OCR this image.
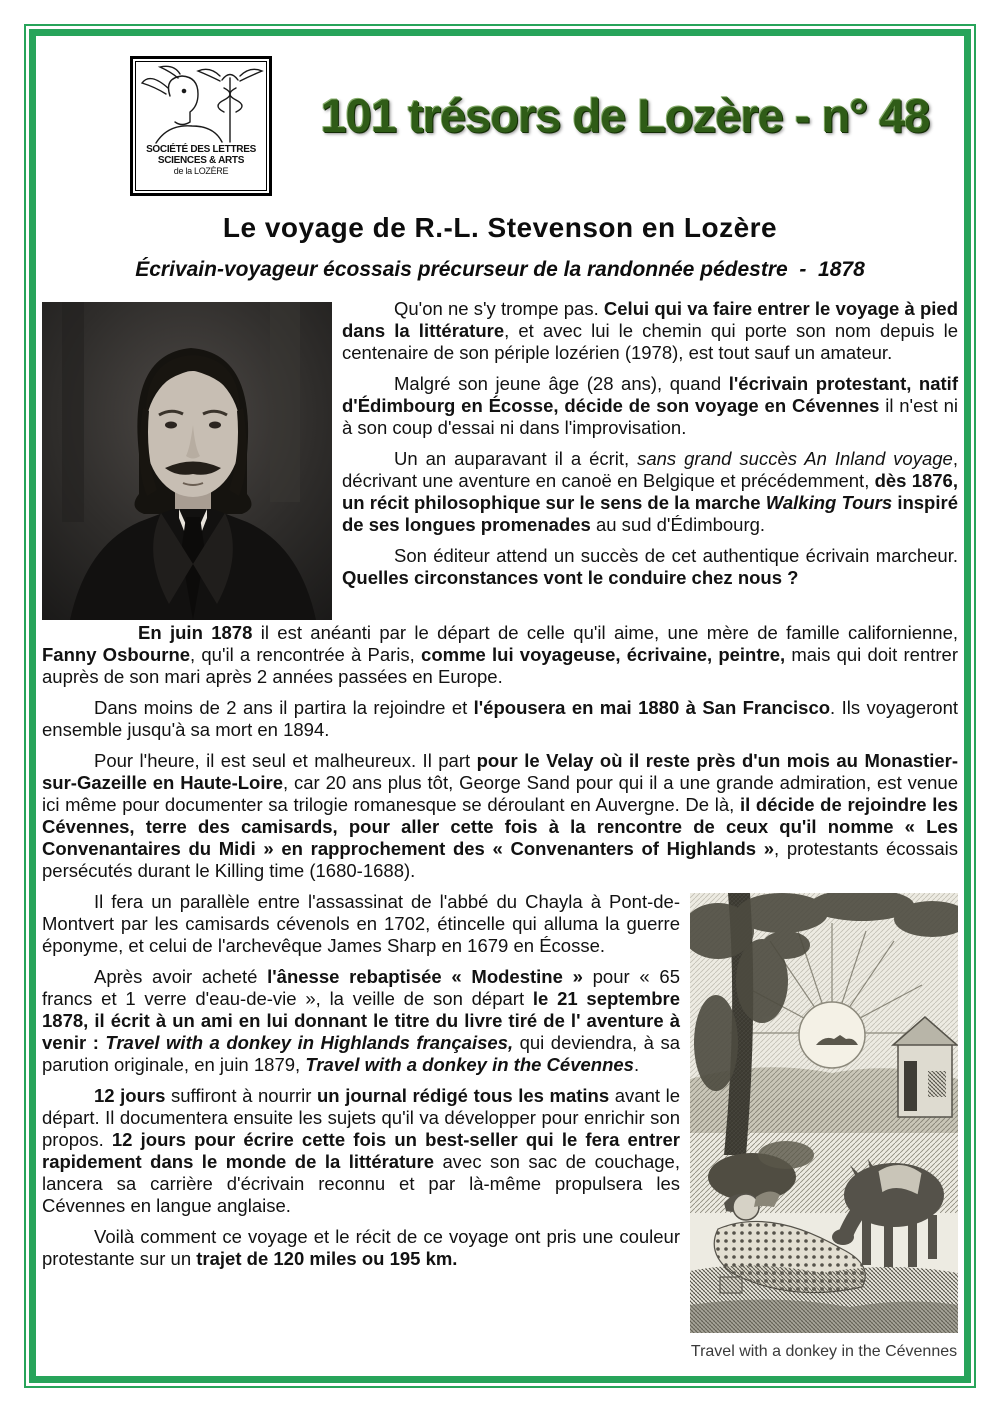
SOCIÉTÉ DES LETTRES
SCIENCES & ARTS
de la LOZÈRE
101 trésors de Lozère - n° 48
Le voyage de R.-L. Stevenson en Lozère
Écrivain-voyageur écossais précurseur de la randonnée pédestre  -  1878

Qu'on ne s'y trompe pas. Celui qui va faire entrer le voyage à pied dans la littérature, et avec lui le chemin qui porte son nom depuis le centenaire de son périple lozérien (1978), est tout sauf un amateur.

Malgré son jeune âge (28 ans), quand l'écrivain protestant, natif d'Édimbourg en Écosse, décide de son voyage en Cévennes il n'est ni à son coup d'essai ni dans l'improvisation.

Un an auparavant il a écrit, sans grand succès An Inland voyage, décrivant une aventure en canoë en Belgique et précédemment, dès 1876, un récit philosophique sur le sens de la marche Walking Tours inspiré de ses longues promenades au sud d'Édimbourg.

Son éditeur attend un succès de cet authentique écrivain marcheur. Quelles circonstances vont le conduire chez nous ?

En juin 1878 il est anéanti par le départ de celle qu'il aime, une mère de famille californienne, Fanny Osbourne, qu'il a rencontrée à Paris, comme lui voyageuse, écrivaine, peintre, mais qui doit rentrer auprès de son mari après 2 années passées en Europe.

Dans moins de 2 ans il partira la rejoindre et l'épousera en mai 1880 à San Francisco. Ils voyageront ensemble jusqu'à sa mort en 1894.

Pour l'heure, il est seul et malheureux. Il part pour le Velay où il reste près d'un mois au Monastier-sur-Gazeille en Haute-Loire, car 20 ans plus tôt, George Sand pour qui il a une grande admiration, est venue ici même pour documenter sa trilogie romanesque se déroulant en Auvergne. De là, il décide de rejoindre les Cévennes, terre des camisards, pour aller cette fois à la rencontre de ceux qu'il nomme « Les Convenantaires du Midi » en rapprochement des « Convenanters of Highlands », protestants écossais persécutés durant le Killing time (1680-1688).

Travel with a donkey in the Cévennes

Il fera un parallèle entre l'assassinat de l'abbé du Chayla à Pont-de-Montvert par les camisards cévenols en 1702, étincelle qui alluma la guerre éponyme, et celui de l'archevêque James Sharp en 1679 en Écosse.

Après avoir acheté l'ânesse rebaptisée « Modestine » pour « 65 francs et 1 verre d'eau-de-vie », la veille de son départ le 21 septembre 1878, il écrit à un ami en lui donnant le titre du livre tiré de l' aventure à venir : Travel with a donkey in Highlands françaises, qui deviendra, à sa parution originale, en juin 1879, Travel with a donkey in the Cévennes.

12 jours suffiront à nourrir un journal rédigé tous les matins avant le départ. Il documentera ensuite les sujets qu'il va développer pour enrichir son propos. 12 jours pour écrire cette fois un best-seller qui le fera entrer rapidement dans le monde de la littérature avec son sac de couchage, lancera sa carrière d'écrivain reconnu et par là-même propulsera les Cévennes en langue anglaise.

Voilà comment ce voyage et le récit de ce voyage ont pris une couleur protestante sur un trajet de 120 miles ou 195 km.
